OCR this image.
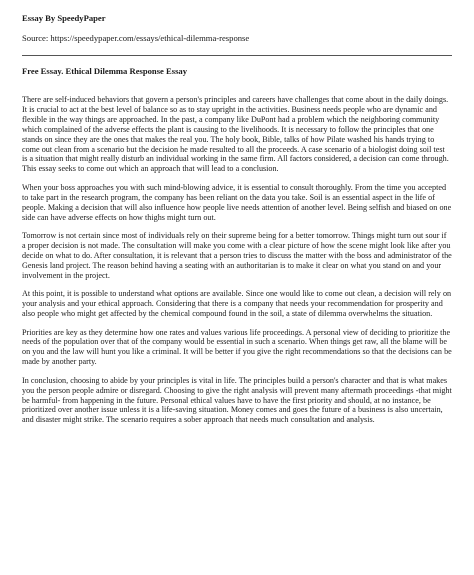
Essay By SpeedyPaper
Source: https://speedypaper.com/essays/ethical-dilemma-response
Free Essay. Ethical Dilemma Response Essay

There are self-induced behaviors that govern a person's principles and careers have challenges that come about in the daily doings. It is crucial to act at the best level of balance so as to stay upright in the activities. Business needs people who are dynamic and flexible in the way things are approached. In the past, a company like DuPont had a problem which the neighboring community which complained of the adverse effects the plant is causing to the livelihoods. It is necessary to follow the principles that one stands on since they are the ones that makes the real you. The holy book, Bible, talks of how Pilate washed his hands trying to come out clean from a scenario but the decision he made resulted to all the proceeds. A case scenario of a biologist doing soil test is a situation that might really disturb an individual working in the same firm. All factors considered, a decision can come through. This essay seeks to come out which an approach that will lead to a conclusion.

When your boss approaches you with such mind-blowing advice, it is essential to consult thoroughly. From the time you accepted to take part in the research program, the company has been reliant on the data you take. Soil is an essential aspect in the life of people. Making a decision that will also influence how people live needs attention of another level. Being selfish and biased on one side can have adverse effects on how thighs might turn out.

Tomorrow is not certain since most of individuals rely on their supreme being for a better tomorrow. Things might turn out sour if a proper decision is not made. The consultation will make you come with a clear picture of how the scene might look like after you decide on what to do. After consultation, it is relevant that a person tries to discuss the matter with the boss and administrator of the Genesis land project. The reason behind having a seating with an authoritarian is to make it clear on what you stand on and your involvement in the project.

At this point, it is possible to understand what options are available. Since one would like to come out clean, a decision will rely on your analysis and your ethical approach. Considering that there is a company that needs your recommendation for prosperity and also people who might get affected by the chemical compound found in the soil, a state of dilemma overwhelms the situation.

Priorities are key as they determine how one rates and values various life proceedings. A personal view of deciding to prioritize the needs of the population over that of the company would be essential in such a scenario. When things get raw, all the blame will be on you and the law will hunt you like a criminal. It will be better if you give the right recommendations so that the decisions can be made by another party.

In conclusion, choosing to abide by your principles is vital in life. The principles build a person's character and that is what makes you the person people admire or disregard. Choosing to give the right analysis will prevent many aftermath proceedings -that might be harmful- from happening in the future. Personal ethical values have to have the first priority and should, at no instance, be prioritized over another issue unless it is a life-saving situation. Money comes and goes the future of a business is also uncertain, and disaster might strike. The scenario requires a sober approach that needs much consultation and analysis.
